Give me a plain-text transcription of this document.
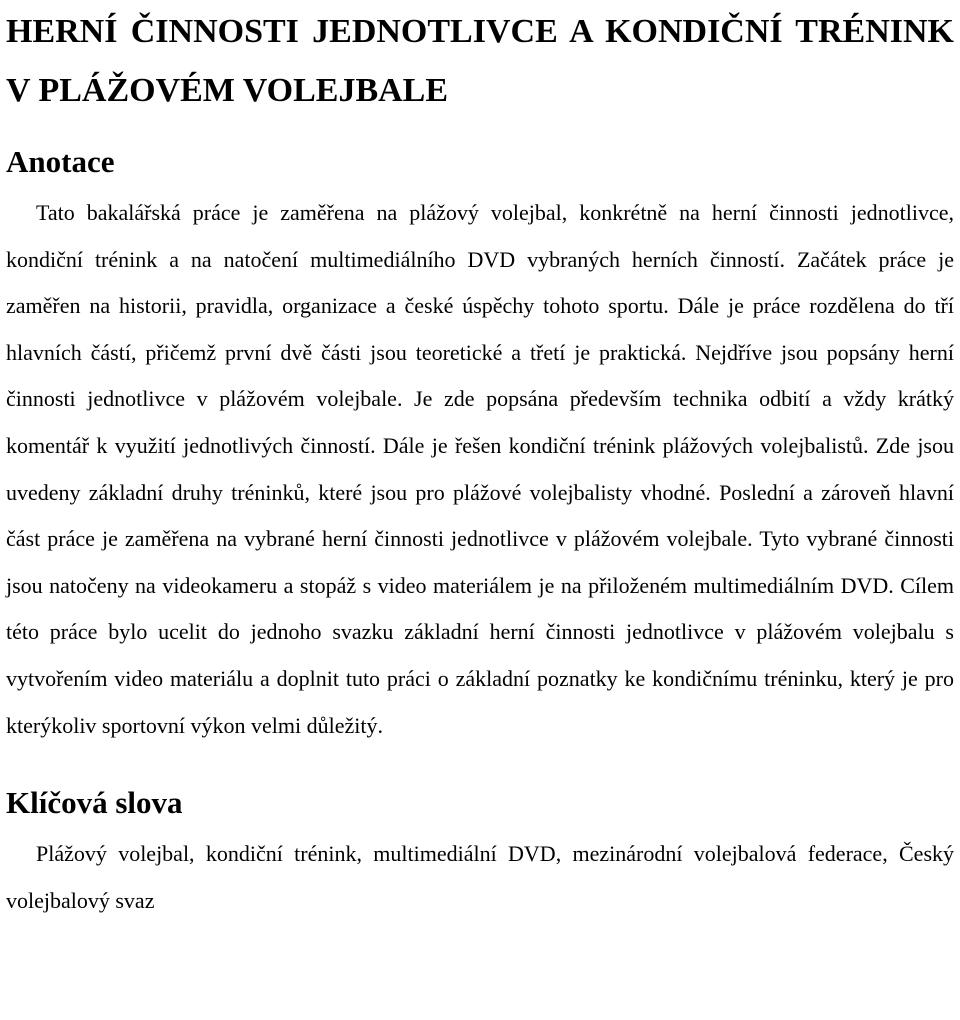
HERNÍ ČINNOSTI JEDNOTLIVCE A KONDIČNÍ TRÉNINK V PLÁŽOVÉM VOLEJBALE
Anotace

Tato bakalářská práce je zaměřena na plážový volejbal, konkrétně na herní činnosti jednotlivce, kondiční trénink a na natočení multimediálního DVD vybraných herních činností. Začátek práce je zaměřen na historii, pravidla, organizace a české úspěchy tohoto sportu. Dále je práce rozdělena do tří hlavních částí, přičemž první dvě části jsou teoretické a třetí je praktická. Nejdříve jsou popsány herní činnosti jednotlivce v plážovém volejbale. Je zde popsána především technika odbití a vždy krátký komentář k využití jednotlivých činností. Dále je řešen kondiční trénink plážových volejbalistů. Zde jsou uvedeny základní druhy tréninků, které jsou pro plážové volejbalisty vhodné. Poslední a zároveň hlavní část práce je zaměřena na vybrané herní činnosti jednotlivce v plážovém volejbale. Tyto vybrané činnosti jsou natočeny na videokameru a stopáž s video materiálem je na přiloženém multimediálním DVD. Cílem této práce bylo ucelit do jednoho svazku základní herní činnosti jednotlivce v plážovém volejbalu s vytvořením video materiálu a doplnit tuto práci o základní poznatky ke kondičnímu tréninku, který je pro kterýkoliv sportovní výkon velmi důležitý.

Klíčová slova

Plážový volejbal, kondiční trénink, multimediální DVD, mezinárodní volejbalová federace, Český volejbalový svaz
